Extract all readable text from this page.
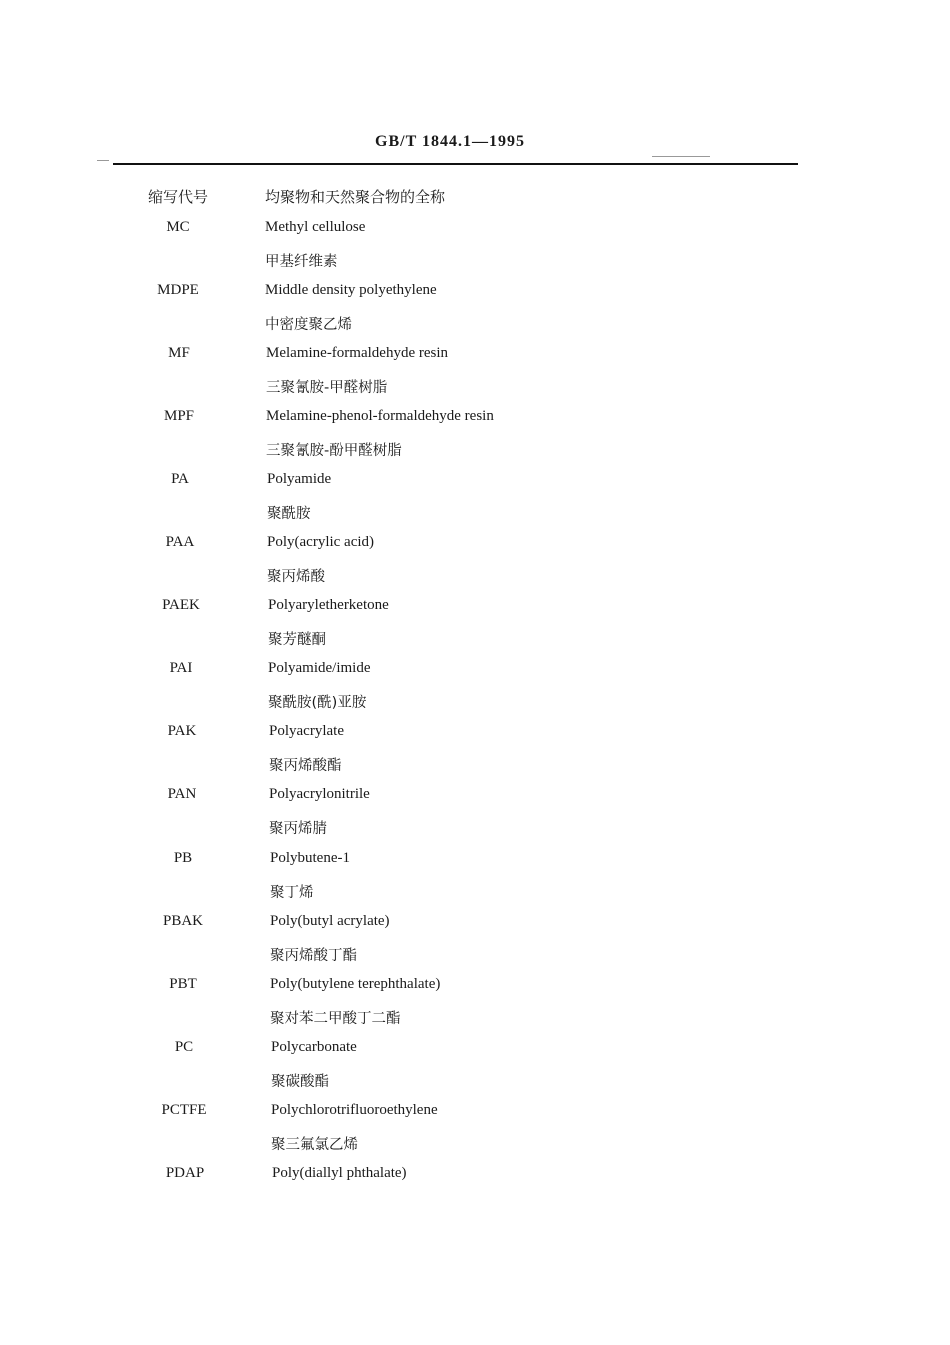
GB/T 1844.1—1995
缩写代号	均聚物和天然聚合物的全称
MC	Methyl cellulose
甲基纤维素
MDPE	Middle density polyethylene
中密度聚乙烯
MF	Melamine-formaldehyde resin
三聚氰胺-甲醛树脂
MPF	Melamine-phenol-formaldehyde resin
三聚氰胺-酚甲醛树脂
PA	Polyamide
聚酰胺
PAA	Poly(acrylic acid)
聚丙烯酸
PAEK	Polyaryletherketone
聚芳醚酮
PAI	Polyamide/imide
聚酰胺(酰)亚胺
PAK	Polyacrylate
聚丙烯酸酯
PAN	Polyacrylonitrile
聚丙烯腈
PB	Polybutene-1
聚丁烯
PBAK	Poly(butyl acrylate)
聚丙烯酸丁酯
PBT	Poly(butylene terephthalate)
聚对苯二甲酸丁二酯
PC	Polycarbonate
聚碳酸酯
PCTFE	Polychlorotrifluoroethylene
聚三氟氯乙烯
PDAP	Poly(diallyl phthalate)
